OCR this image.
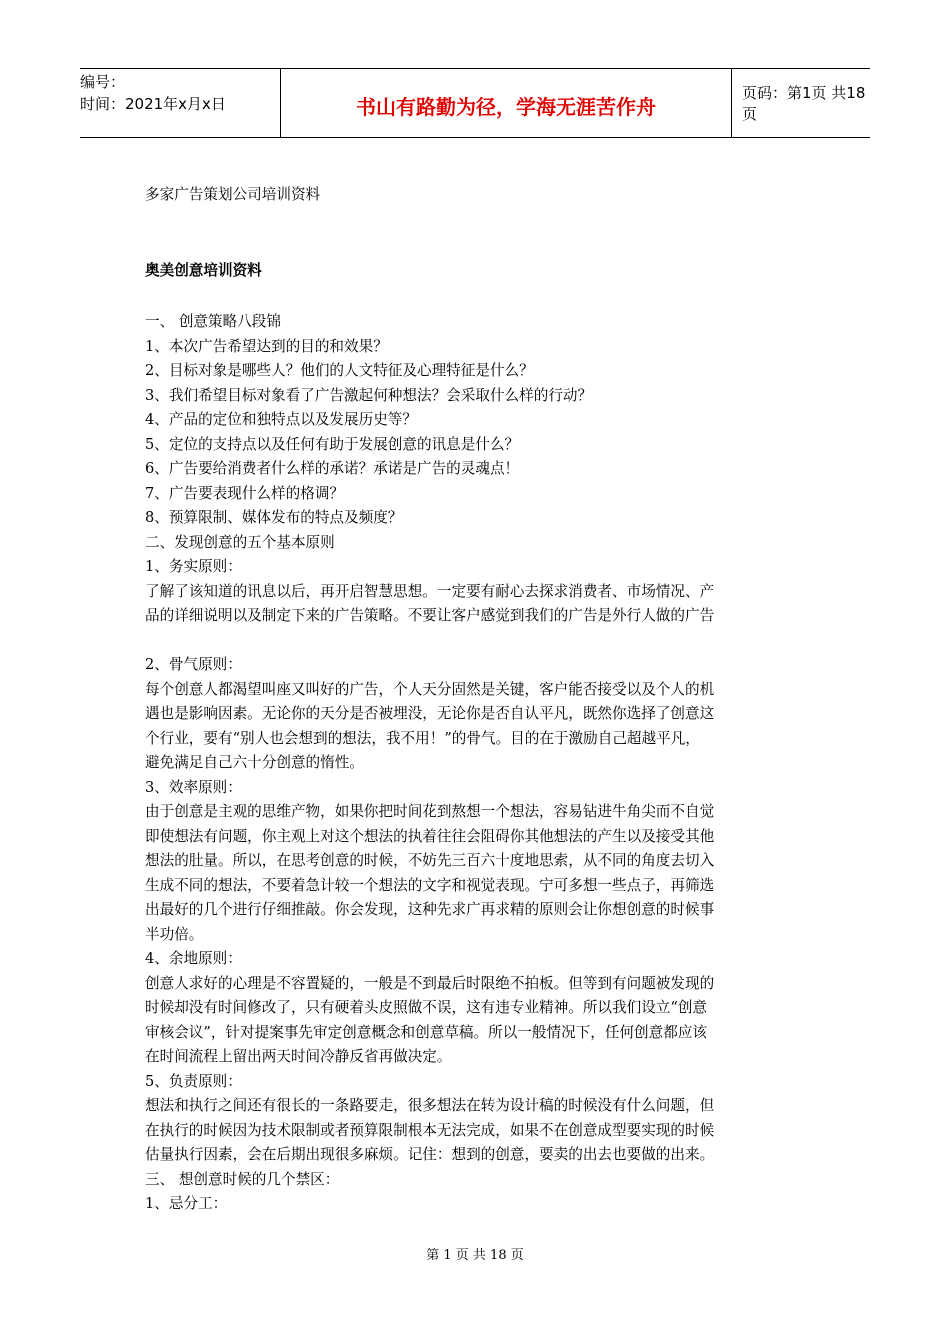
编号：
时间：2021年x月x日	书山有路勤为径，学海无涯苦作舟
页码：第1页 共18页
多家广告策划公司培训资料
奥美创意培训资料
一、 创意策略八段锦
1、本次广告希望达到的目的和效果？
2、目标对象是哪些人？他们的人文特征及心理特征是什么？
3、我们希望目标对象看了广告激起何种想法？会采取什么样的行动？
4、产品的定位和独特点以及发展历史等？
5、定位的支持点以及任何有助于发展创意的讯息是什么？
6、广告要给消费者什么样的承诺？承诺是广告的灵魂点！
7、广告要表现什么样的格调？
8、预算限制、媒体发布的特点及频度？
二、发现创意的五个基本原则
1、务实原则：
了解了该知道的讯息以后，再开启智慧思想。一定要有耐心去探求消费者、市场情况、产
品的详细说明以及制定下来的广告策略。不要让客户感觉到我们的广告是外行人做的广告
2、骨气原则：
每个创意人都渴望叫座又叫好的广告，个人天分固然是关键，客户能否接受以及个人的机
遇也是影响因素。无论你的天分是否被埋没，无论你是否自认平凡，既然你选择了创意这
个行业，要有“别人也会想到的想法，我不用！”的骨气。目的在于激励自己超越平凡，
避免满足自己六十分创意的惰性。
3、效率原则：
由于创意是主观的思维产物，如果你把时间花到熬想一个想法，容易钻进牛角尖而不自觉
即使想法有问题，你主观上对这个想法的执着往往会阻碍你其他想法的产生以及接受其他
想法的肚量。所以，在思考创意的时候，不妨先三百六十度地思索，从不同的角度去切入
生成不同的想法，不要着急计较一个想法的文字和视觉表现。宁可多想一些点子，再筛选
出最好的几个进行仔细推敲。你会发现，这种先求广再求精的原则会让你想创意的时候事
半功倍。
4、余地原则：
创意人求好的心理是不容置疑的，一般是不到最后时限绝不拍板。但等到有问题被发现的
时候却没有时间修改了，只有硬着头皮照做不误，这有违专业精神。所以我们设立“创意
审核会议”，针对提案事先审定创意概念和创意草稿。所以一般情况下，任何创意都应该
在时间流程上留出两天时间冷静反省再做决定。
5、负责原则：
想法和执行之间还有很长的一条路要走，很多想法在转为设计稿的时候没有什么问题，但
在执行的时候因为技术限制或者预算限制根本无法完成，如果不在创意成型要实现的时候
估量执行因素，会在后期出现很多麻烦。记住：想到的创意，要卖的出去也要做的出来。
三、 想创意时候的几个禁区：
1、忌分工：
第 1 页 共 18 页
